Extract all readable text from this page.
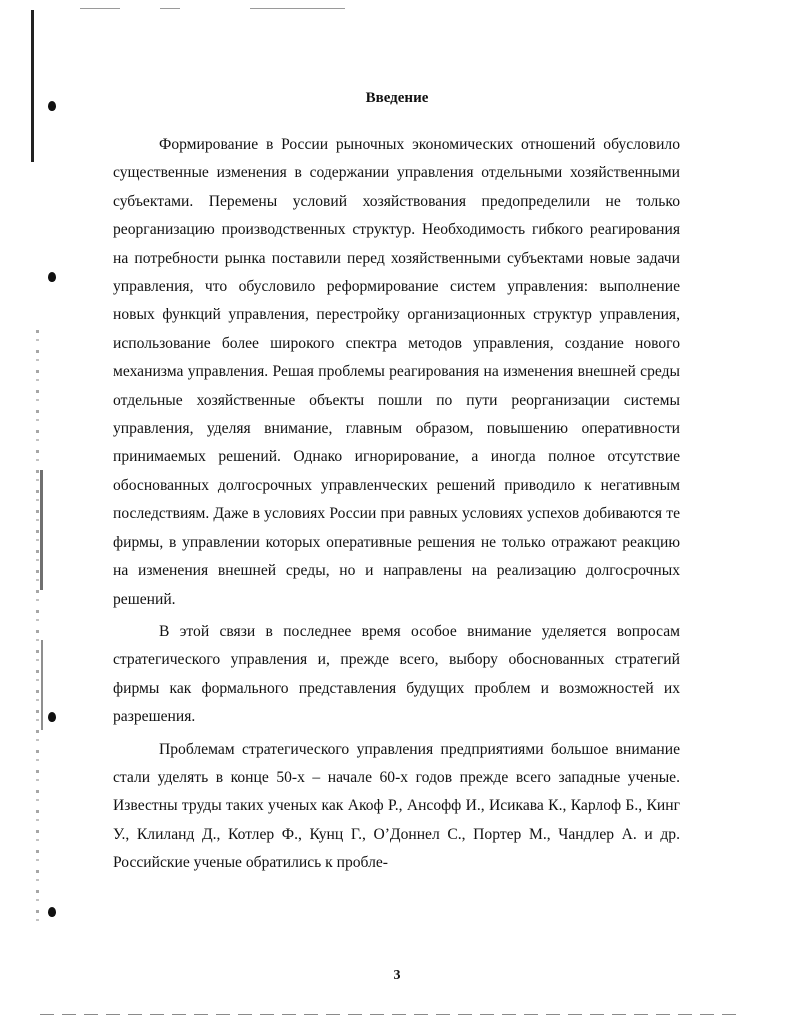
Введение

Формирование в России рыночных экономических отношений обусловило существенные изменения в содержании управления отдельными хозяйственными субъектами. Перемены условий хозяйствования предопределили не только реорганизацию производственных структур. Необходимость гибкого реагирования на потребности рынка поставили перед хозяйственными субъектами новые задачи управления, что обусловило реформирование систем управления: выполнение новых функций управления, перестройку организационных структур управления, использование более широкого спектра методов управления, создание нового механизма управления. Решая проблемы реагирования на изменения внешней среды отдельные хозяйственные объекты пошли по пути реорганизации системы управления, уделяя внимание, главным образом, повышению оперативности принимаемых решений. Однако игнорирование, а иногда полное отсутствие обоснованных долгосрочных управленческих решений приводило к негативным последствиям. Даже в условиях России при равных условиях успехов добиваются те фирмы, в управлении которых оперативные решения не только отражают реакцию на изменения внешней среды, но и направлены на реализацию долгосрочных решений.

В этой связи в последнее время особое внимание уделяется вопросам стратегического управления и, прежде всего, выбору обоснованных стратегий фирмы как формального представления будущих проблем и возможностей их разрешения.

Проблемам стратегического управления предприятиями большое внимание стали уделять в конце 50-х – начале 60-х годов прежде всего западные ученые. Известны труды таких ученых как Акоф Р., Ансофф И., Исикава К., Карлоф Б., Кинг У., Клиланд Д., Котлер Ф., Кунц Г., О’Доннел С., Портер М., Чандлер А. и др. Российские ученые обратились к пробле-

3
